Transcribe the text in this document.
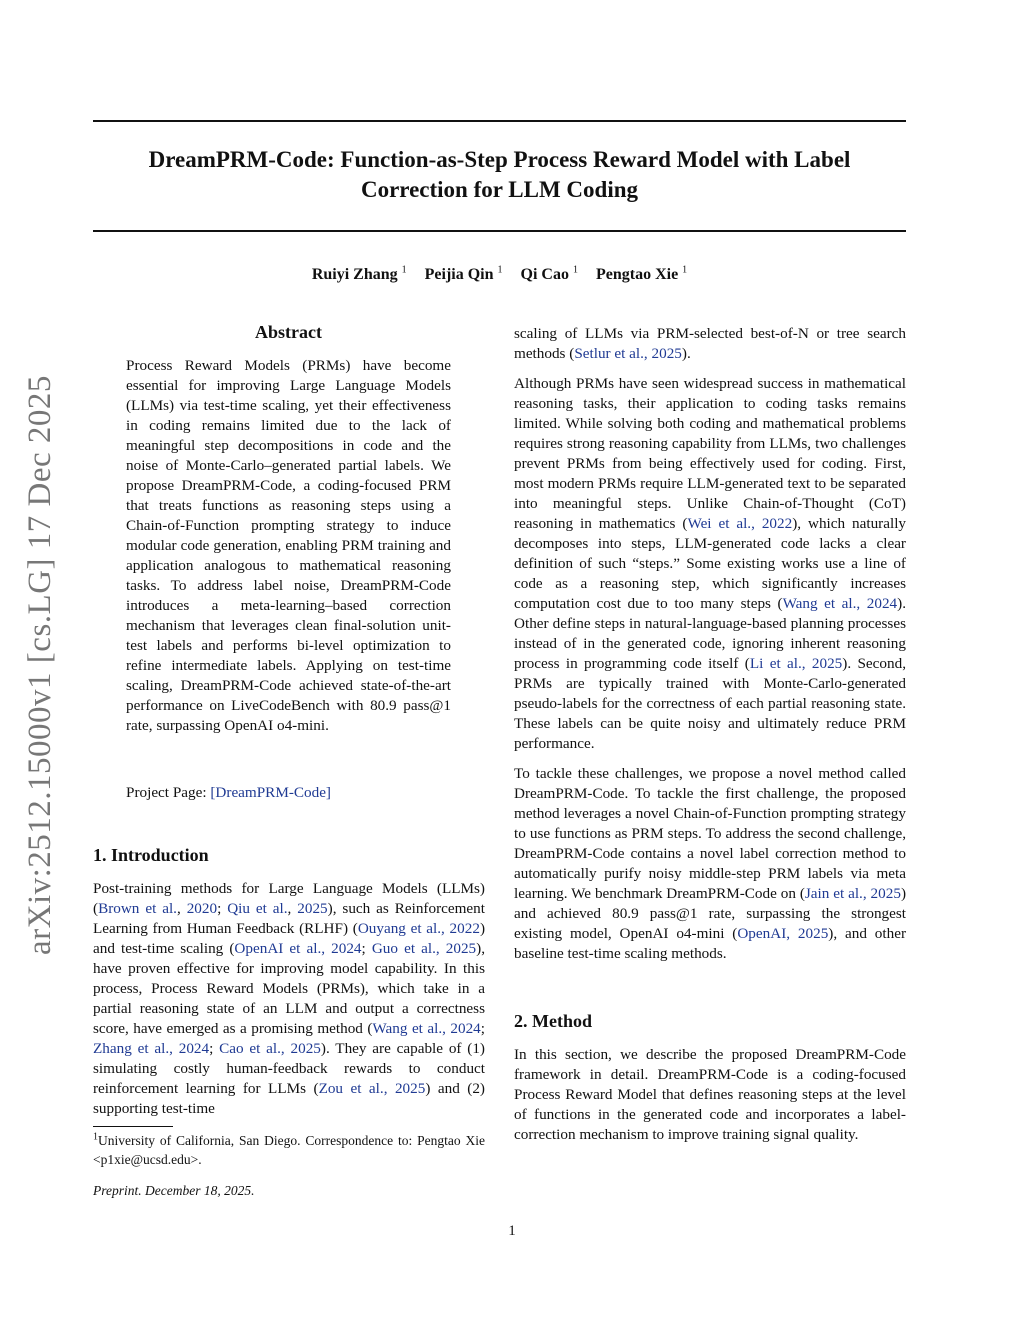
DreamPRM-Code: Function-as-Step Process Reward Model with Label
Correction for LLM Coding
Ruiyi Zhang $^1$ Peijia Qin $^1$ Qi Cao $^1$ Pengtao Xie $^1$
arXiv:2512.15000v1 [cs.LG] 17 Dec 2025
Abstract

Process Reward Models (PRMs) have become essential for improving Large Language Models (LLMs) via test-time scaling, yet their effectiveness in coding remains limited due to the lack of meaningful step decompositions in code and the noise of Monte-Carlo–generated partial labels. We propose DreamPRM-Code, a coding-focused PRM that treats functions as reasoning steps using a Chain-of-Function prompting strategy to induce modular code generation, enabling PRM training and application analogous to mathematical reasoning tasks. To address label noise, DreamPRM-Code introduces a meta-learning–based correction mechanism that leverages clean final-solution unit-test labels and performs bi-level optimization to refine intermediate labels. Applying on test-time scaling, DreamPRM-Code achieved state-of-the-art performance on LiveCodeBench with 80.9 pass@1 rate, surpassing OpenAI o4-mini.

Project Page: [DreamPRM-Code]
1. Introduction

Post-training methods for Large Language Models (LLMs) (Brown et al., 2020; Qiu et al., 2025), such as Reinforcement Learning from Human Feedback (RLHF) (Ouyang et al., 2022) and test-time scaling (OpenAI et al., 2024; Guo et al., 2025), have proven effective for improving model capability. In this process, Process Reward Models (PRMs), which take in a partial reasoning state of an LLM and output a correctness score, have emerged as a promising method (Wang et al., 2024; Zhang et al., 2024; Cao et al., 2025). They are capable of (1) simulating costly human-feedback rewards to conduct reinforcement learning for LLMs (Zou et al., 2025) and (2) supporting test-time

$^1$University of California, San Diego. Correspondence to: Pengtao Xie <p1xie@ucsd.edu>.
Preprint. December 18, 2025.

scaling of LLMs via PRM-selected best-of-N or tree search methods (Setlur et al., 2025).

Although PRMs have seen widespread success in mathematical reasoning tasks, their application to coding tasks remains limited. While solving both coding and mathematical problems requires strong reasoning capability from LLMs, two challenges prevent PRMs from being effectively used for coding. First, most modern PRMs require LLM-generated text to be separated into meaningful steps. Unlike Chain-of-Thought (CoT) reasoning in mathematics (Wei et al., 2022), which naturally decomposes into steps, LLM-generated code lacks a clear definition of such “steps.” Some existing works use a line of code as a reasoning step, which significantly increases computation cost due to too many steps (Wang et al., 2024). Other define steps in natural-language-based planning processes instead of in the generated code, ignoring inherent reasoning process in programming code itself (Li et al., 2025). Second, PRMs are typically trained with Monte-Carlo-generated pseudo-labels for the correctness of each partial reasoning state. These labels can be quite noisy and ultimately reduce PRM performance.

To tackle these challenges, we propose a novel method called DreamPRM-Code. To tackle the first challenge, the proposed method leverages a novel Chain-of-Function prompting strategy to use functions as PRM steps. To address the second challenge, DreamPRM-Code contains a novel label correction method to automatically purify noisy middle-step PRM labels via meta learning. We benchmark DreamPRM-Code on (Jain et al., 2025) and achieved 80.9 pass@1 rate, surpassing the strongest existing model, OpenAI o4-mini (OpenAI, 2025), and other baseline test-time scaling methods.

2. Method

In this section, we describe the proposed DreamPRM-Code framework in detail. DreamPRM-Code is a coding-focused Process Reward Model that defines reasoning steps at the level of functions in the generated code and incorporates a label-correction mechanism to improve training signal quality.

1
